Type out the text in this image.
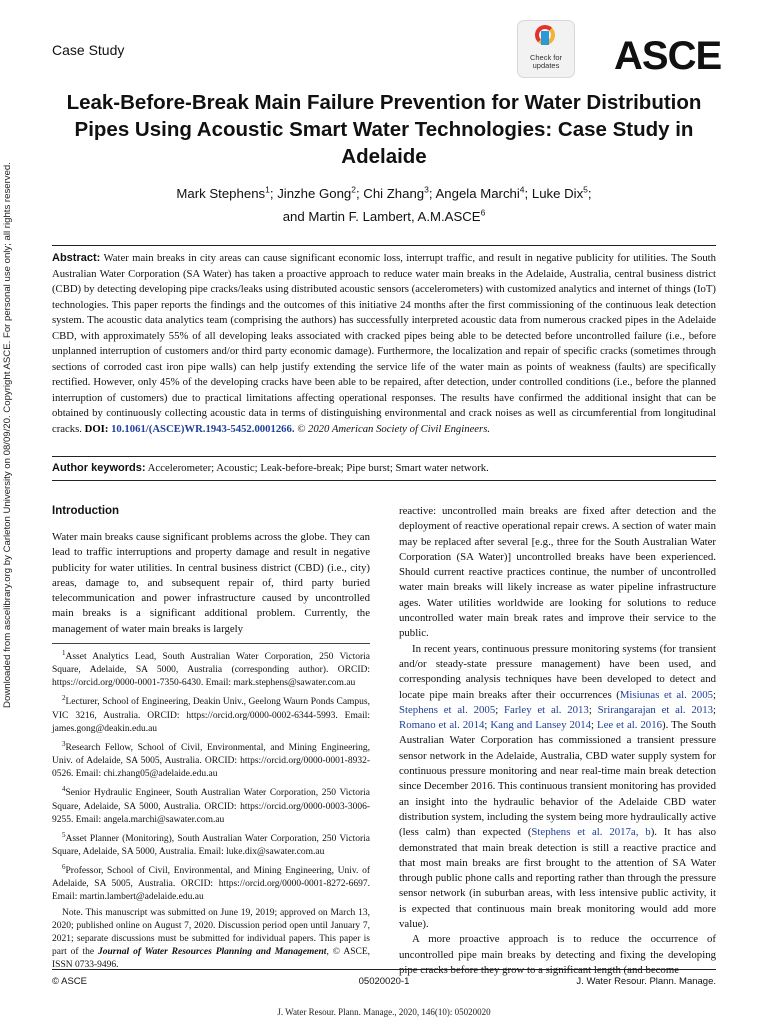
Downloaded from ascelibrary.org by Carleton University on 08/09/20. Copyright ASCE. For personal use only; all rights reserved.
Case Study	Check for updates	ASCE
Leak-Before-Break Main Failure Prevention for Water Distribution Pipes Using Acoustic Smart Water Technologies: Case Study in Adelaide
Mark Stephens$^1$; Jinzhe Gong$^2$; Chi Zhang$^3$; Angela Marchi$^4$; Luke Dix$^5$;
and Martin F. Lambert, A.M.ASCE$^6$
Abstract: Water main breaks in city areas can cause significant economic loss, interrupt traffic, and result in negative publicity for utilities. The South Australian Water Corporation (SA Water) has taken a proactive approach to reduce water main breaks in the Adelaide, Australia, central business district (CBD) by detecting developing pipe cracks/leaks using distributed acoustic sensors (accelerometers) with customized analytics and internet of things (IoT) technologies. This paper reports the findings and the outcomes of this initiative 24 months after the first commissioning of the continuous leak detection system. The acoustic data analytics team (comprising the authors) has successfully interpreted acoustic data from numerous cracked pipes in the Adelaide CBD, with approximately 55% of all developing leaks associated with cracked pipes being able to be detected before uncontrolled failure (i.e., before unplanned interruption of customers and/or third party economic damage). Furthermore, the localization and repair of specific cracks (sometimes through sections of corroded cast iron pipe walls) can help justify extending the service life of the water main as points of weakness (faults) are specifically rectified. However, only 45% of the developing cracks have been able to be repaired, after detection, under controlled conditions (i.e., before the planned interruption of customers) due to practical limitations affecting operational responses. The results have confirmed the additional insight that can be obtained by continuously collecting acoustic data in terms of distinguishing environmental and crack noises as well as circumferential from longitudinal cracks. DOI: 10.1061/(ASCE)WR.1943-5452.0001266. © 2020 American Society of Civil Engineers.
Author keywords: Accelerometer; Acoustic; Leak-before-break; Pipe burst; Smart water network.
Introduction

Water main breaks cause significant problems across the globe. They can lead to traffic interruptions and property damage and result in negative publicity for water utilities. In central business district (CBD) (i.e., city) areas, damage to, and subsequent repair of, third party buried telecommunication and power infrastructure caused by uncontrolled main breaks is a significant additional problem. Currently, the management of water main breaks is largely

$^1$Asset Analytics Lead, South Australian Water Corporation, 250 Victoria Square, Adelaide, SA 5000, Australia (corresponding author). ORCID: https://orcid.org/0000-0001-7350-6430. Email: mark.stephens@sawater.com.au

$^2$Lecturer, School of Engineering, Deakin Univ., Geelong Waurn Ponds Campus, VIC 3216, Australia. ORCID: https://orcid.org/0000-0002-6344-5993. Email: james.gong@deakin.edu.au

$^3$Research Fellow, School of Civil, Environmental, and Mining Engineering, Univ. of Adelaide, SA 5005, Australia. ORCID: https://orcid.org/0000-0001-8932-0526. Email: chi.zhang05@adelaide.edu.au

$^4$Senior Hydraulic Engineer, South Australian Water Corporation, 250 Victoria Square, Adelaide, SA 5000, Australia. ORCID: https://orcid.org/0000-0003-3006-9255. Email: angela.marchi@sawater.com.au

$^5$Asset Planner (Monitoring), South Australian Water Corporation, 250 Victoria Square, Adelaide, SA 5000, Australia. Email: luke.dix@sawater.com.au

$^6$Professor, School of Civil, Environmental, and Mining Engineering, Univ. of Adelaide, SA 5005, Australia. ORCID: https://orcid.org/0000-0001-8272-6697. Email: martin.lambert@adelaide.edu.au

Note. This manuscript was submitted on June 19, 2019; approved on March 13, 2020; published online on August 7, 2020. Discussion period open until January 7, 2021; separate discussions must be submitted for individual papers. This paper is part of the Journal of Water Resources Planning and Management, © ASCE, ISSN 0733-9496.

reactive: uncontrolled main breaks are fixed after detection and the deployment of reactive operational repair crews. A section of water main may be replaced after several [e.g., three for the South Australian Water Corporation (SA Water)] uncontrolled breaks have been experienced. Should current reactive practices continue, the number of uncontrolled water main breaks will likely increase as water pipeline infrastructure ages. Water utilities worldwide are looking for solutions to reduce uncontrolled water main break rates and improve their service to the public.

In recent years, continuous pressure monitoring systems (for transient and/or steady-state pressure management) have been used, and corresponding analysis techniques have been developed to detect and locate pipe main breaks after their occurrences (Misiunas et al. 2005; Stephens et al. 2005; Farley et al. 2013; Srirangarajan et al. 2013; Romano et al. 2014; Kang and Lansey 2014; Lee et al. 2016). The South Australian Water Corporation has commissioned a transient pressure sensor network in the Adelaide, Australia, CBD water supply system for continuous pressure monitoring and near real-time main break detection since December 2016. This continuous transient monitoring has provided an insight into the hydraulic behavior of the Adelaide CBD water distribution system, including the system being more hydraulically active (less calm) than expected (Stephens et al. 2017a, b). It has also demonstrated that main break detection is still a reactive practice and that most main breaks are first brought to the attention of SA Water through public phone calls and reporting rather than through the pressure sensor network (in suburban areas, with less intensive public activity, it is expected that continuous main break monitoring would add more value).

A more proactive approach is to reduce the occurrence of uncontrolled pipe main breaks by detecting and fixing the developing pipe cracks before they grow to a significant length (and become

© ASCE	05020020-1	J. Water Resour. Plann. Manage.
J. Water Resour. Plann. Manage., 2020, 146(10): 05020020
